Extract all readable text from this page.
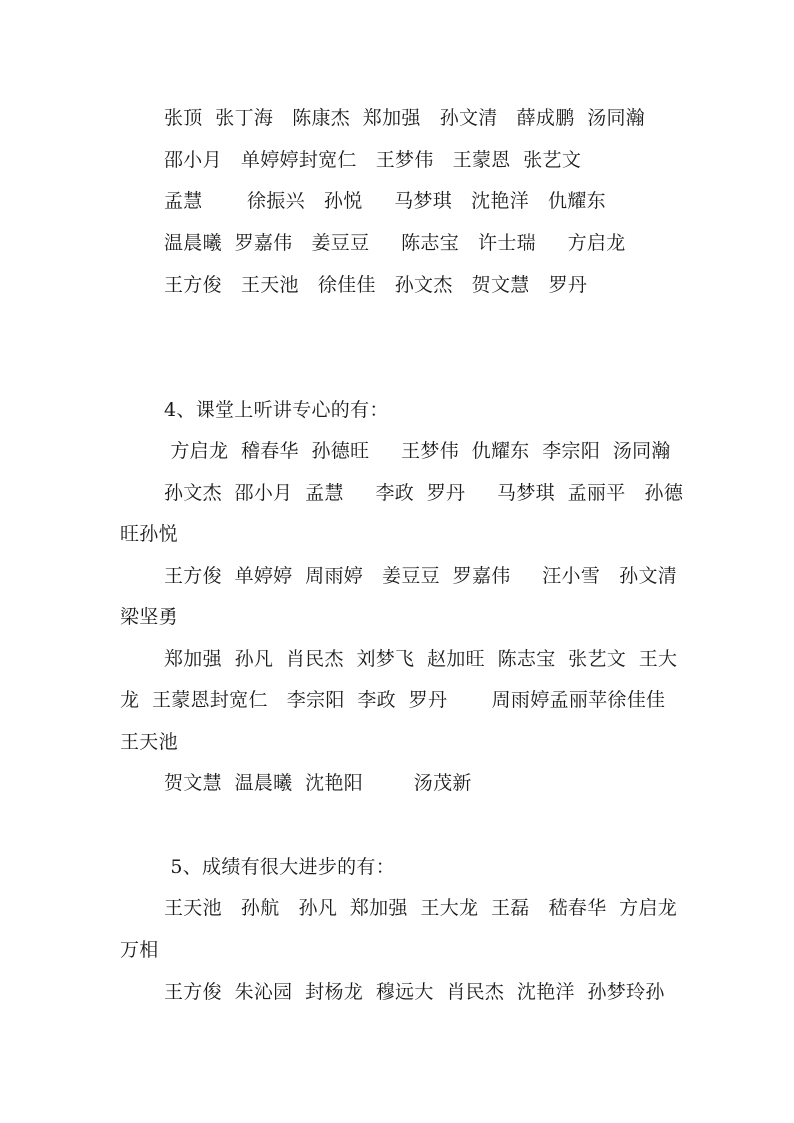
张顶  张丁海   陈康杰  郑加强   孙文清   薛成鹏  汤同瀚
邵小月   单婷婷封宽仁   王梦伟   王蒙恩  张艺文
孟慧       徐振兴   孙悦     马梦琪   沈艳洋   仇耀东
温晨曦  罗嘉伟   姜豆豆     陈志宝   许士瑞     方启龙
王方俊   王天池   徐佳佳   孙文杰   贺文慧   罗丹
4、课堂上听讲专心的有：
方启龙  稽春华  孙德旺     王梦伟  仇耀东  李宗阳  汤同瀚
孙文杰  邵小月  孟慧     李政  罗丹     马梦琪  孟丽平   孙德
旺孙悦
王方俊  单婷婷  周雨婷   姜豆豆  罗嘉伟     汪小雪   孙文清
梁坚勇
郑加强  孙凡  肖民杰  刘梦飞  赵加旺  陈志宝  张艺文  王大
龙  王蒙恩封宽仁   李宗阳  李政  罗丹       周雨婷孟丽苹徐佳佳
王天池
贺文慧  温晨曦  沈艳阳        汤茂新
5、成绩有很大进步的有：
王天池   孙航   孙凡  郑加强  王大龙  王磊   嵇春华  方启龙
万相
王方俊  朱沁园  封杨龙  穆远大  肖民杰  沈艳洋  孙梦玲孙
